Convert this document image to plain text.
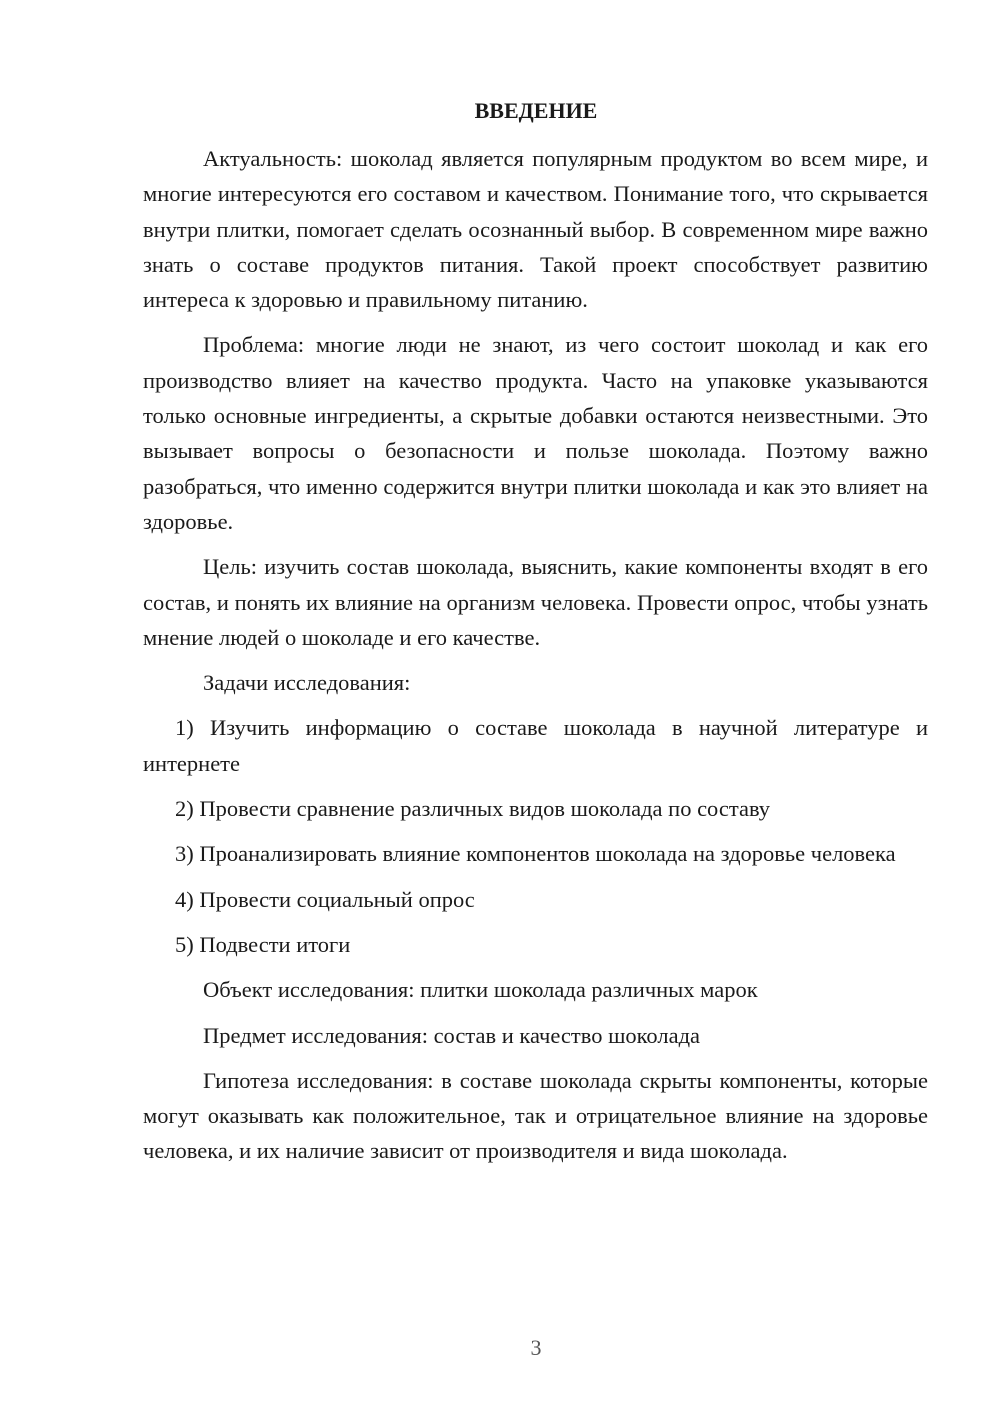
ВВЕДЕНИЕ

Актуальность: шоколад является популярным продуктом во всем мире, и многие интересуются его составом и качеством. Понимание того, что скрывается внутри плитки, помогает сделать осознанный выбор. В современном мире важно знать о составе продуктов питания. Такой проект способствует развитию интереса к здоровью и правильному питанию.

Проблема: многие люди не знают, из чего состоит шоколад и как его производство влияет на качество продукта. Часто на упаковке указываются только основные ингредиенты, а скрытые добавки остаются неизвестными. Это вызывает вопросы о безопасности и пользе шоколада. Поэтому важно разобраться, что именно содержится внутри плитки шоколада и как это влияет на здоровье.

Цель: изучить состав шоколада, выяснить, какие компоненты входят в его состав, и понять их влияние на организм человека. Провести опрос, чтобы узнать мнение людей о шоколаде и его качестве.

Задачи исследования:

1) Изучить информацию о составе шоколада в научной литературе и интернете

2) Провести сравнение различных видов шоколада по составу

3) Проанализировать влияние компонентов шоколада на здоровье человека

4) Провести социальный опрос

5) Подвести итоги

Объект исследования: плитки шоколада различных марок

Предмет исследования: состав и качество шоколада

Гипотеза исследования: в составе шоколада скрыты компоненты, которые могут оказывать как положительное, так и отрицательное влияние на здоровье человека, и их наличие зависит от производителя и вида шоколада.

3
